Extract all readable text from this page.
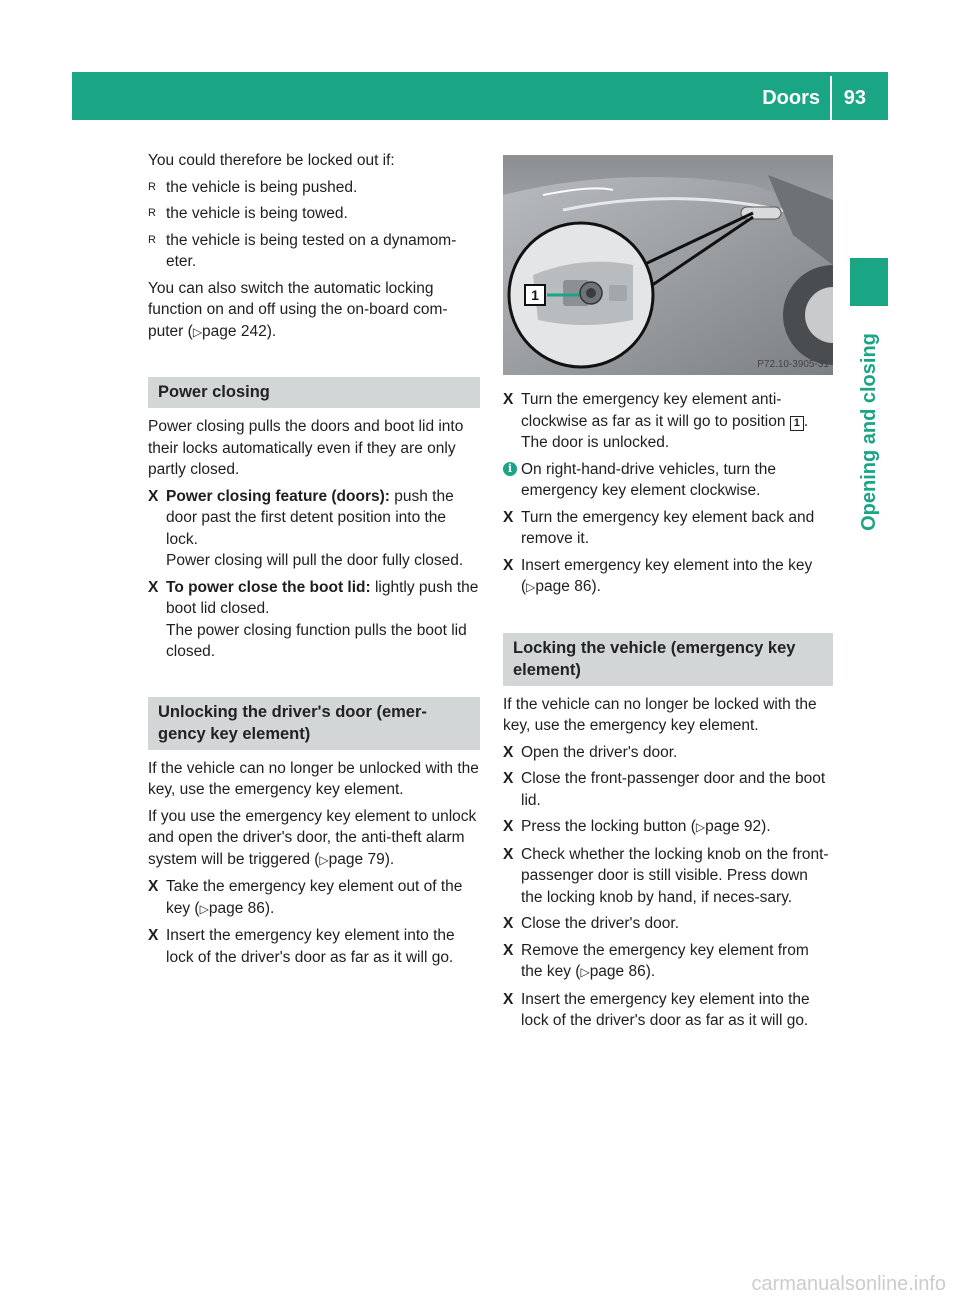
Doors 93
Opening and closing

You could therefore be locked out if:

R the vehicle is being pushed.
R the vehicle is being towed.
R the vehicle is being tested on a dynamom-eter.

You can also switch the automatic locking function on and off using the on-board com-puter (▷page 242).

Power closing

Power closing pulls the doors and boot lid into their locks automatically even if they are only partly closed.

X Power closing feature (doors): push the door past the first detent position into the lock.
Power closing will pull the door fully closed.
X To power close the boot lid: lightly push the boot lid closed.
The power closing function pulls the boot lid closed.
Unlocking the driver's door (emer-gency key element)

If the vehicle can no longer be unlocked with the key, use the emergency key element.

If you use the emergency key element to unlock and open the driver's door, the anti-theft alarm system will be triggered (▷page 79).

X Take the emergency key element out of the key (▷page 86).
X Insert the emergency key element into the lock of the driver's door as far as it will go.
1
P72.10-3905-31
X Turn the emergency key element anti-clockwise as far as it will go to position 1 .
The door is unlocked.
i On right-hand-drive vehicles, turn the emergency key element clockwise.
X Turn the emergency key element back and remove it.
X Insert emergency key element into the key (▷page 86).
Locking the vehicle (emergency key element)

If the vehicle can no longer be locked with the key, use the emergency key element.

X Open the driver's door.
X Close the front-passenger door and the boot lid.
X Press the locking button (▷page 92).
X Check whether the locking knob on the front-passenger door is still visible. Press down the locking knob by hand, if neces-sary.
X Close the driver's door.
X Remove the emergency key element from the key (▷page 86).
X Insert the emergency key element into the lock of the driver's door as far as it will go.
carmanualsonline.info
